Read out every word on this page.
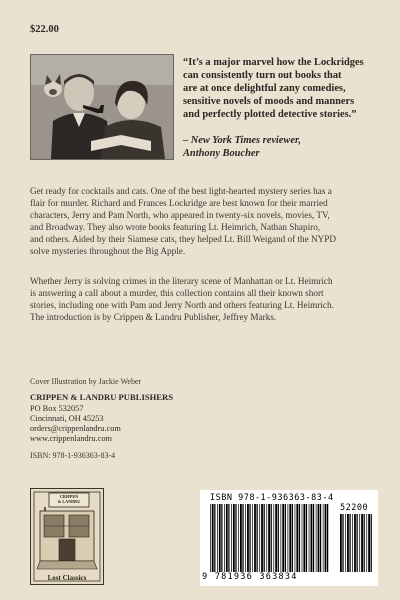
$22.00
“It’s a major marvel how the Lockridges
can consistently turn out books that
are at once delightful zany comedies,
sensitive novels of moods and manners
and perfectly plotted detective stories.”
– New York Times reviewer,
Anthony Boucher
Get ready for cocktails and cats. One of the best light-hearted mystery series has a
flair for murder. Richard and Frances Lockridge are best known for their married
characters, Jerry and Pam North, who appeared in twenty-six novels, movies, TV,
and Broadway. They also wrote books featuring Lt. Heimrich, Nathan Shapiro,
and others. Aided by their Siamese cats, they helped Lt. Bill Weigand of the NYPD
solve mysteries throughout the Big Apple.
Whether Jerry is solving crimes in the literary scene of Manhattan or Lt. Heimrich
is answering a call about a murder, this collection contains all their known short
stories, including one with Pam and Jerry North and others featuring Lt. Heimrich.
The introduction is by Crippen & Landru Publisher, Jeffrey Marks.
Cover Illustration by Jackie Weber
CRIPPEN & LANDRU PUBLISHERS
PO Box 532057
Cincinnati, OH 45253
orders@crippenlandru.com
www.crippenlandru.com
ISBN: 978-1-936363-83-4
CRIPPEN
& LANDRU
Lost Classics
ISBN 978-1-936363-83-4
52200
9 781936 363834
